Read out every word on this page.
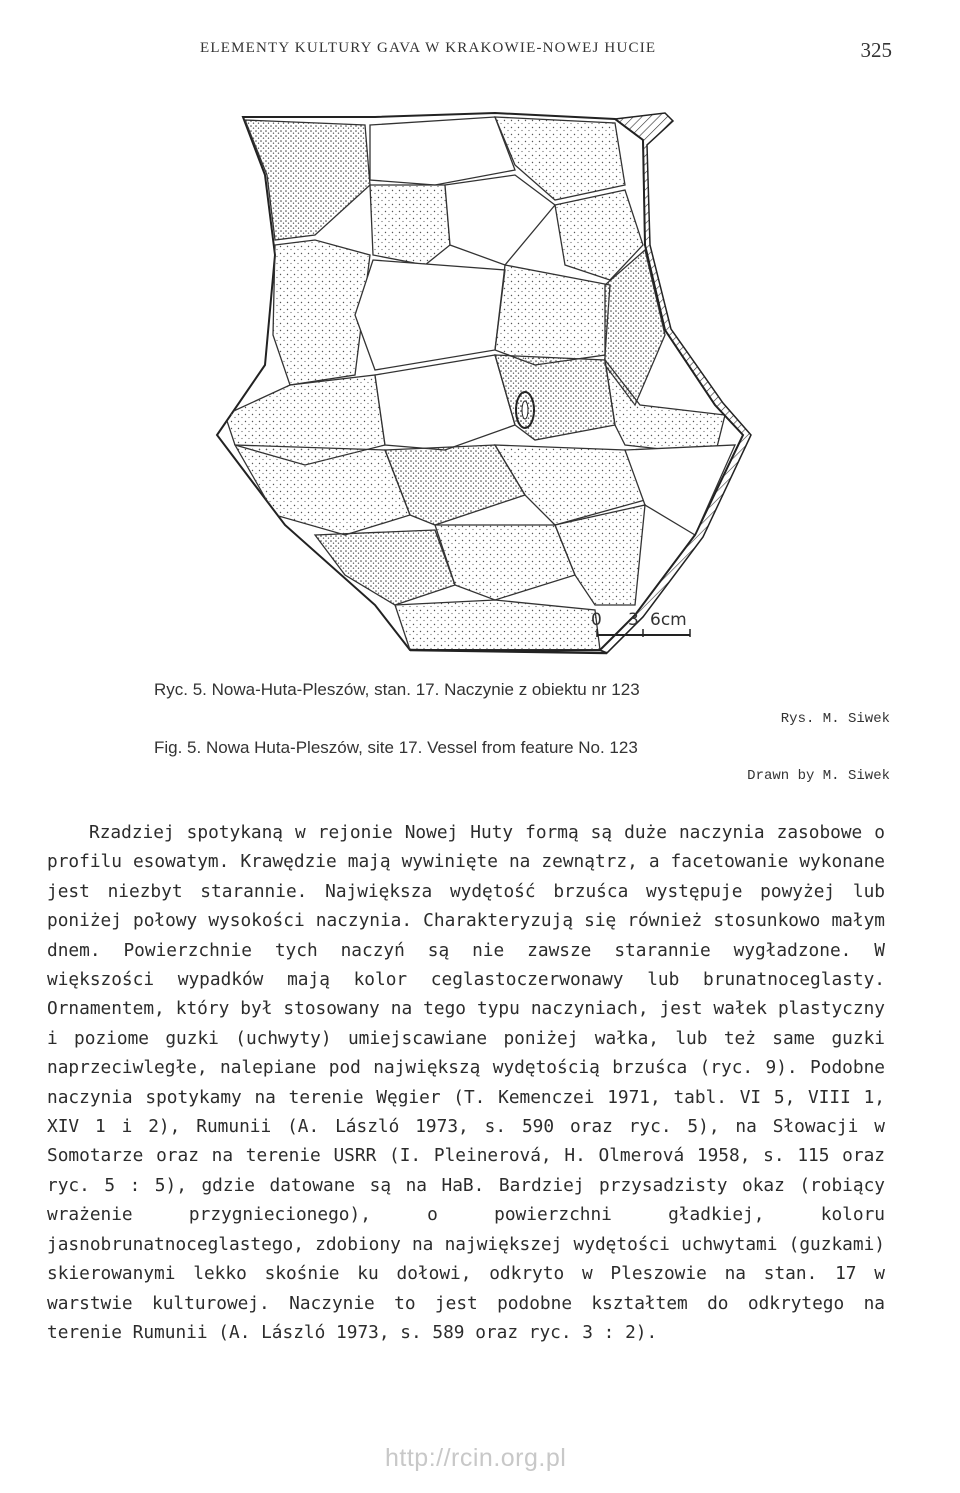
ELEMENTY KULTURY GAVA W KRAKOWIE-NOWEJ HUCIE	325
0 3 6cm
Ryc. 5. Nowa-Huta-Pleszów, stan. 17. Naczynie z obiektu nr 123
Rys. M. Siwek
Fig. 5. Nowa Huta-Pleszów, site 17. Vessel from feature No. 123
Drawn by M. Siwek

Rzadziej spotykaną w rejonie Nowej Huty formą są duże naczynia zasobowe o profilu esowatym. Krawędzie mają wywinięte na zewnątrz, a facetowanie wykonane jest niezbyt starannie. Największa wydętość brzuśca występuje powyżej lub poniżej połowy wysokości naczynia. Charakteryzują się również stosunkowo małym dnem. Powierzchnie tych naczyń są nie zawsze starannie wygładzone. W większości wypadków mają kolor ceglastoczerwonawy lub brunatnoceglasty. Ornamentem, który był stosowany na tego typu naczyniach, jest wałek plastyczny i poziome guzki (uchwyty) umiejscawiane poniżej wałka, lub też same guzki naprzeciwległe, nalepiane pod największą wydętością brzuśca (ryc. 9). Podobne naczynia spotykamy na terenie Węgier (T. Kemenczei 1971, tabl. VI 5, VIII 1, XIV 1 i 2), Rumunii (A. László 1973, s. 590 oraz ryc. 5), na Słowacji w Somotarze oraz na terenie USRR (I. Pleinerová, H. Olmerová 1958, s. 115 oraz ryc. 5 : 5), gdzie datowane są na HaB. Bardziej przysadzisty okaz (robiący wrażenie przygniecionego), o powierzchni gładkiej, koloru jasnobrunatnoceglastego, zdobiony na największej wydętości uchwytami (guzkami) skierowanymi lekko skośnie ku dołowi, odkryto w Pleszowie na stan. 17 w warstwie kulturowej. Naczynie to jest podobne kształtem do odkrytego na terenie Rumunii (A. László 1973, s. 589 oraz ryc. 3 : 2).

http://rcin.org.pl
